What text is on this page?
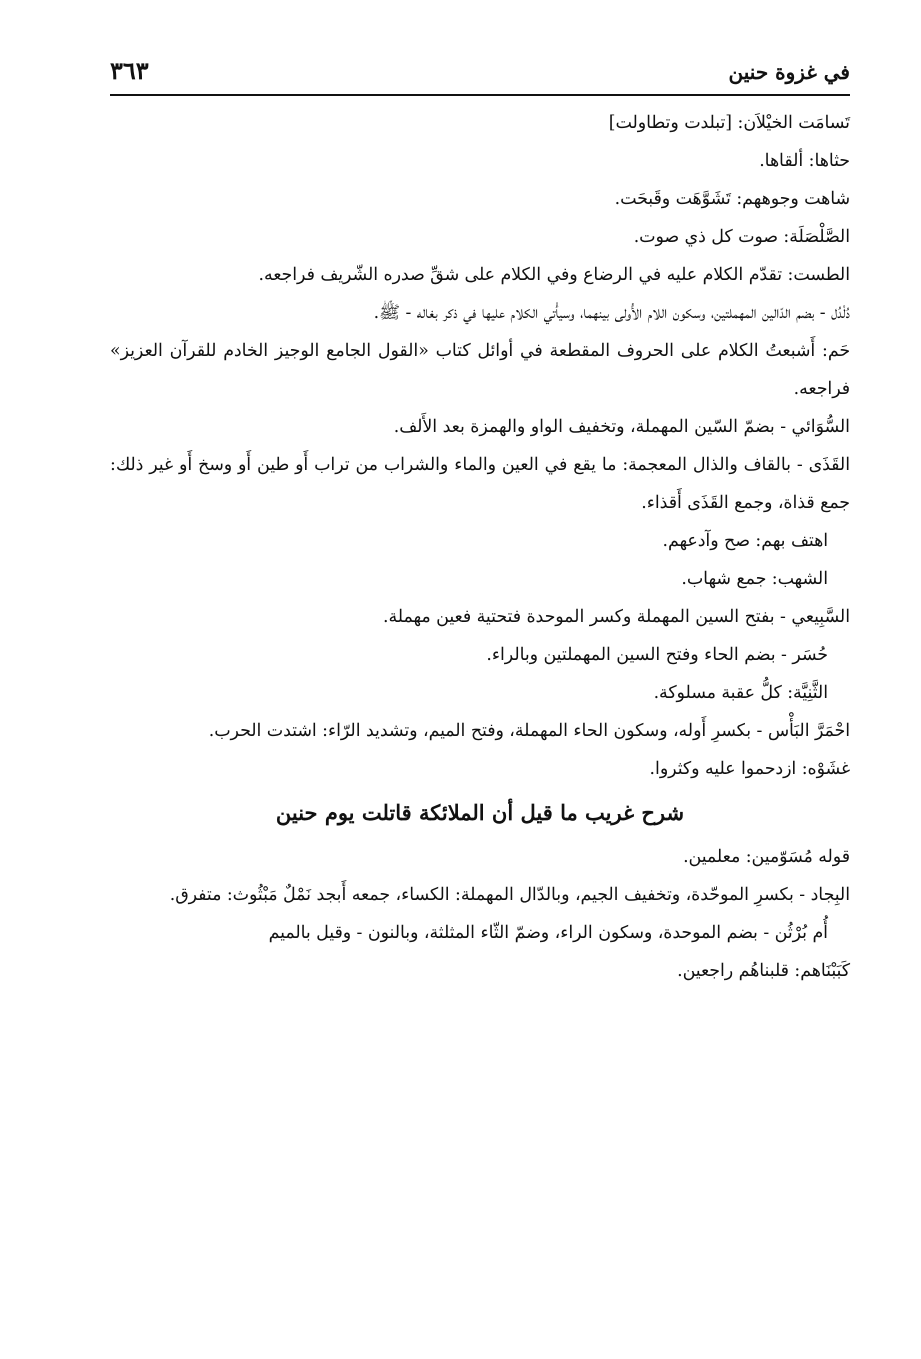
في غزوة حنين
٣٦٣

تَسامَت الخيْلاَن: [تبلدت وتطاولت]

حثاها: ألقاها.

شاهت وجوههم: تَشَوَّهَت وقَبحَت.

الصَّلْصَلَة: صوت كل ذي صوت.

الطست: تقدّم الكلام عليه في الرضاع وفي الكلام على شقِّ صدره الشّريف فراجعه.

دُلْدُل - بضم الدّالين المهملتين، وسكون اللام الأُولى بينهما، وسيأْتي الكلام عليها في ذكر بغاله - ﷺ.

حَم: أَشبعتُ الكلام على الحروف المقطعة في أوائل كتاب «القول الجامع الوجيز الخادم للقرآن العزيز» فراجعه.

السُّوَائي - بضمّ السّين المهملة، وتخفيف الواو والهمزة بعد الأَلف.

القَذَى - بالقاف والذال المعجمة: ما يقع في العين والماء والشراب من تراب أَو طين أَو وسخ أَو غير ذلك: جمع قذاة، وجمع القَذَى أَقذاء.

اهتف بهم: صح وآدعهم.

الشهب: جمع شهاب.

السَّبِيعي - بفتح السين المهملة وكسر الموحدة فتحتية فعين مهملة.

حُسَر - بضم الحاء وفتح السين المهملتين وبالراء.

الثَّنِيَّة: كلُّ عقبة مسلوكة.

احْمَرَّ البَأْس - بكسرِ أَوله، وسكون الحاء المهملة، وفتح الميم، وتشديد الرّاء: اشتدت الحرب.

غشَوْه: ازدحموا عليه وكثروا.

شرح غريب ما قيل أن الملائكة قاتلت يوم حنين

قوله مُسَوّمين: معلمين.

البِجاد - بكسرِ الموحّدة، وتخفيف الجيم، وبالدّال المهملة: الكساء، جمعه أَبجد نَمْلٌ مَبْثُوث: متفرق.

أُم بُرْثُن - بضم الموحدة، وسكون الراء، وضمّ الثّاء المثلثة، وبالنون - وقيل بالميم

كَبَبْنَاهم: قلبناهُم راجعين.
